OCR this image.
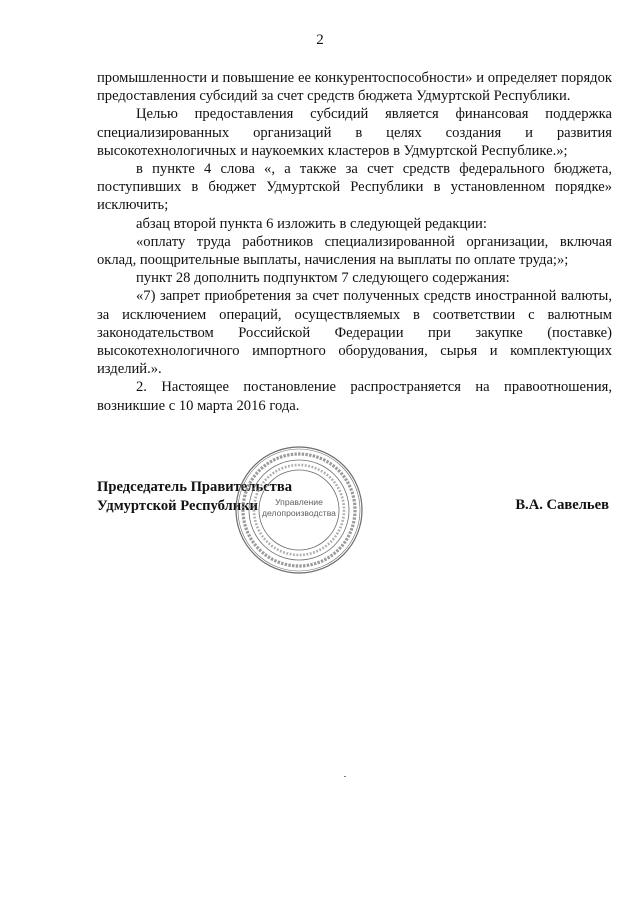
2

промышленности и повышение ее конкурентоспособности» и определяет порядок предоставления субсидий за счет средств бюджета Удмуртской Республики.

Целью предоставления субсидий является финансовая поддержка специализированных организаций в целях создания и развития высокотехнологичных и наукоемких кластеров в Удмуртской Республике.»;

в пункте 4 слова «, а также за счет средств федерального бюджета, поступивших в бюджет Удмуртской Республики в установленном порядке» исключить;

абзац второй пункта 6 изложить в следующей редакции:

«оплату труда работников специализированной организации, включая оклад, поощрительные выплаты, начисления на выплаты по оплате труда;»;

пункт 28 дополнить подпунктом 7 следующего содержания:

«7) запрет приобретения за счет полученных средств иностранной валюты, за исключением операций, осуществляемых в соответствии с валютным законодательством Российской Федерации при закупке (поставке) высокотехнологичного импортного оборудования, сырья и комплектующих изделий.».

2. Настоящее постановление распространяется на правоотношения, возникшие с 10 марта 2016 года.

Председатель Правительства
Удмуртской Республики	В.А. Савельев
Управление
делопроизводства
